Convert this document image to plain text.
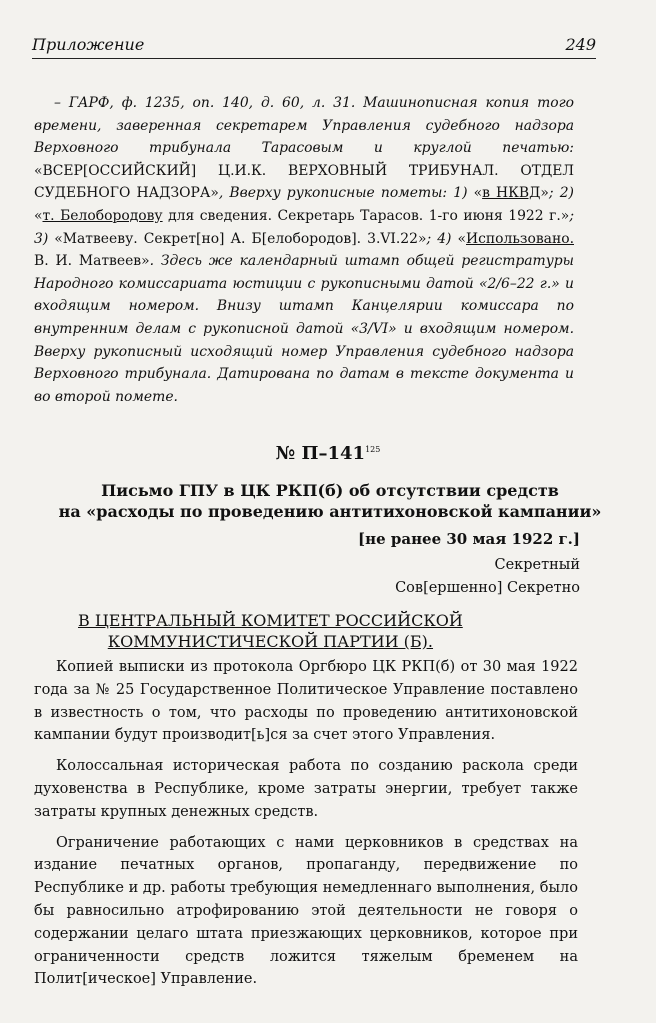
Приложение	249

– ГАРФ, ф. 1235, оп. 140, д. 60, л. 31. Машинописная копия того времени, заверенная секретарем Управления судебного надзора Верховного трибунала Тарасовым и круглой печатью: «ВСЕР[ОССИЙСКИЙ] Ц.И.К. ВЕРХОВНЫЙ ТРИБУНАЛ. ОТДЕЛ СУДЕБНОГО НАДЗОРА», Вверху рукописные пометы: 1) «в НКВД»; 2) «т. Белобородову для сведения. Секретарь Тарасов. 1-го июня 1922 г.»; 3) «Матвееву. Секрет[но] А. Б[елобородов]. 3.VI.22»; 4) «Использовано. В. И. Матвеев». Здесь же календарный штамп общей регистратуры Народного комиссариата юстиции с рукописными датой «2/6–22 г.» и входящим номером. Внизу штамп Канцелярии комиссара по внутренним делам с рукописной датой «3/VI» и входящим номером. Вверху рукописный исходящий номер Управления судебного надзора Верховного трибунала. Датирована по датам в тексте документа и во второй помете.

№ $П-141^{125}$
Письмо ГПУ в ЦК РКП(б) об отсутствии средств
на «расходы по проведению антитихоновской кампании»
[не ранее 30 мая 1922 г.]
Секретный
Сов[ершенно] Секретно
В ЦЕНТРАЛЬНЫЙ КОМИТЕТ РОССИЙСКОЙ
КОММУНИСТИЧЕСКОЙ ПАРТИИ (Б).

Копией выписки из протокола Оргбюро ЦК РКП(б) от 30 мая 1922 года за № 25 Государственное Политическое Управление поставлено в известность о том, что расходы по проведению антитихоновской кампании будут производит[ь]ся за счет этого Управления.

Колоссальная историческая работа по созданию раскола среди духовенства в Республике, кроме затраты энергии, требует также затраты крупных денежных средств.

Ограничение работающих с нами церковников в средствах на издание печатных органов, пропаганду, передвижение по Республике и др. работы требующия немедленнаго выполнения, было бы равносильно атрофированию этой деятельности не говоря о содержании целаго штата приезжающих церковников, которое при ограниченности средств ложится тяжелым бременем на Полит[ическое] Управление.
